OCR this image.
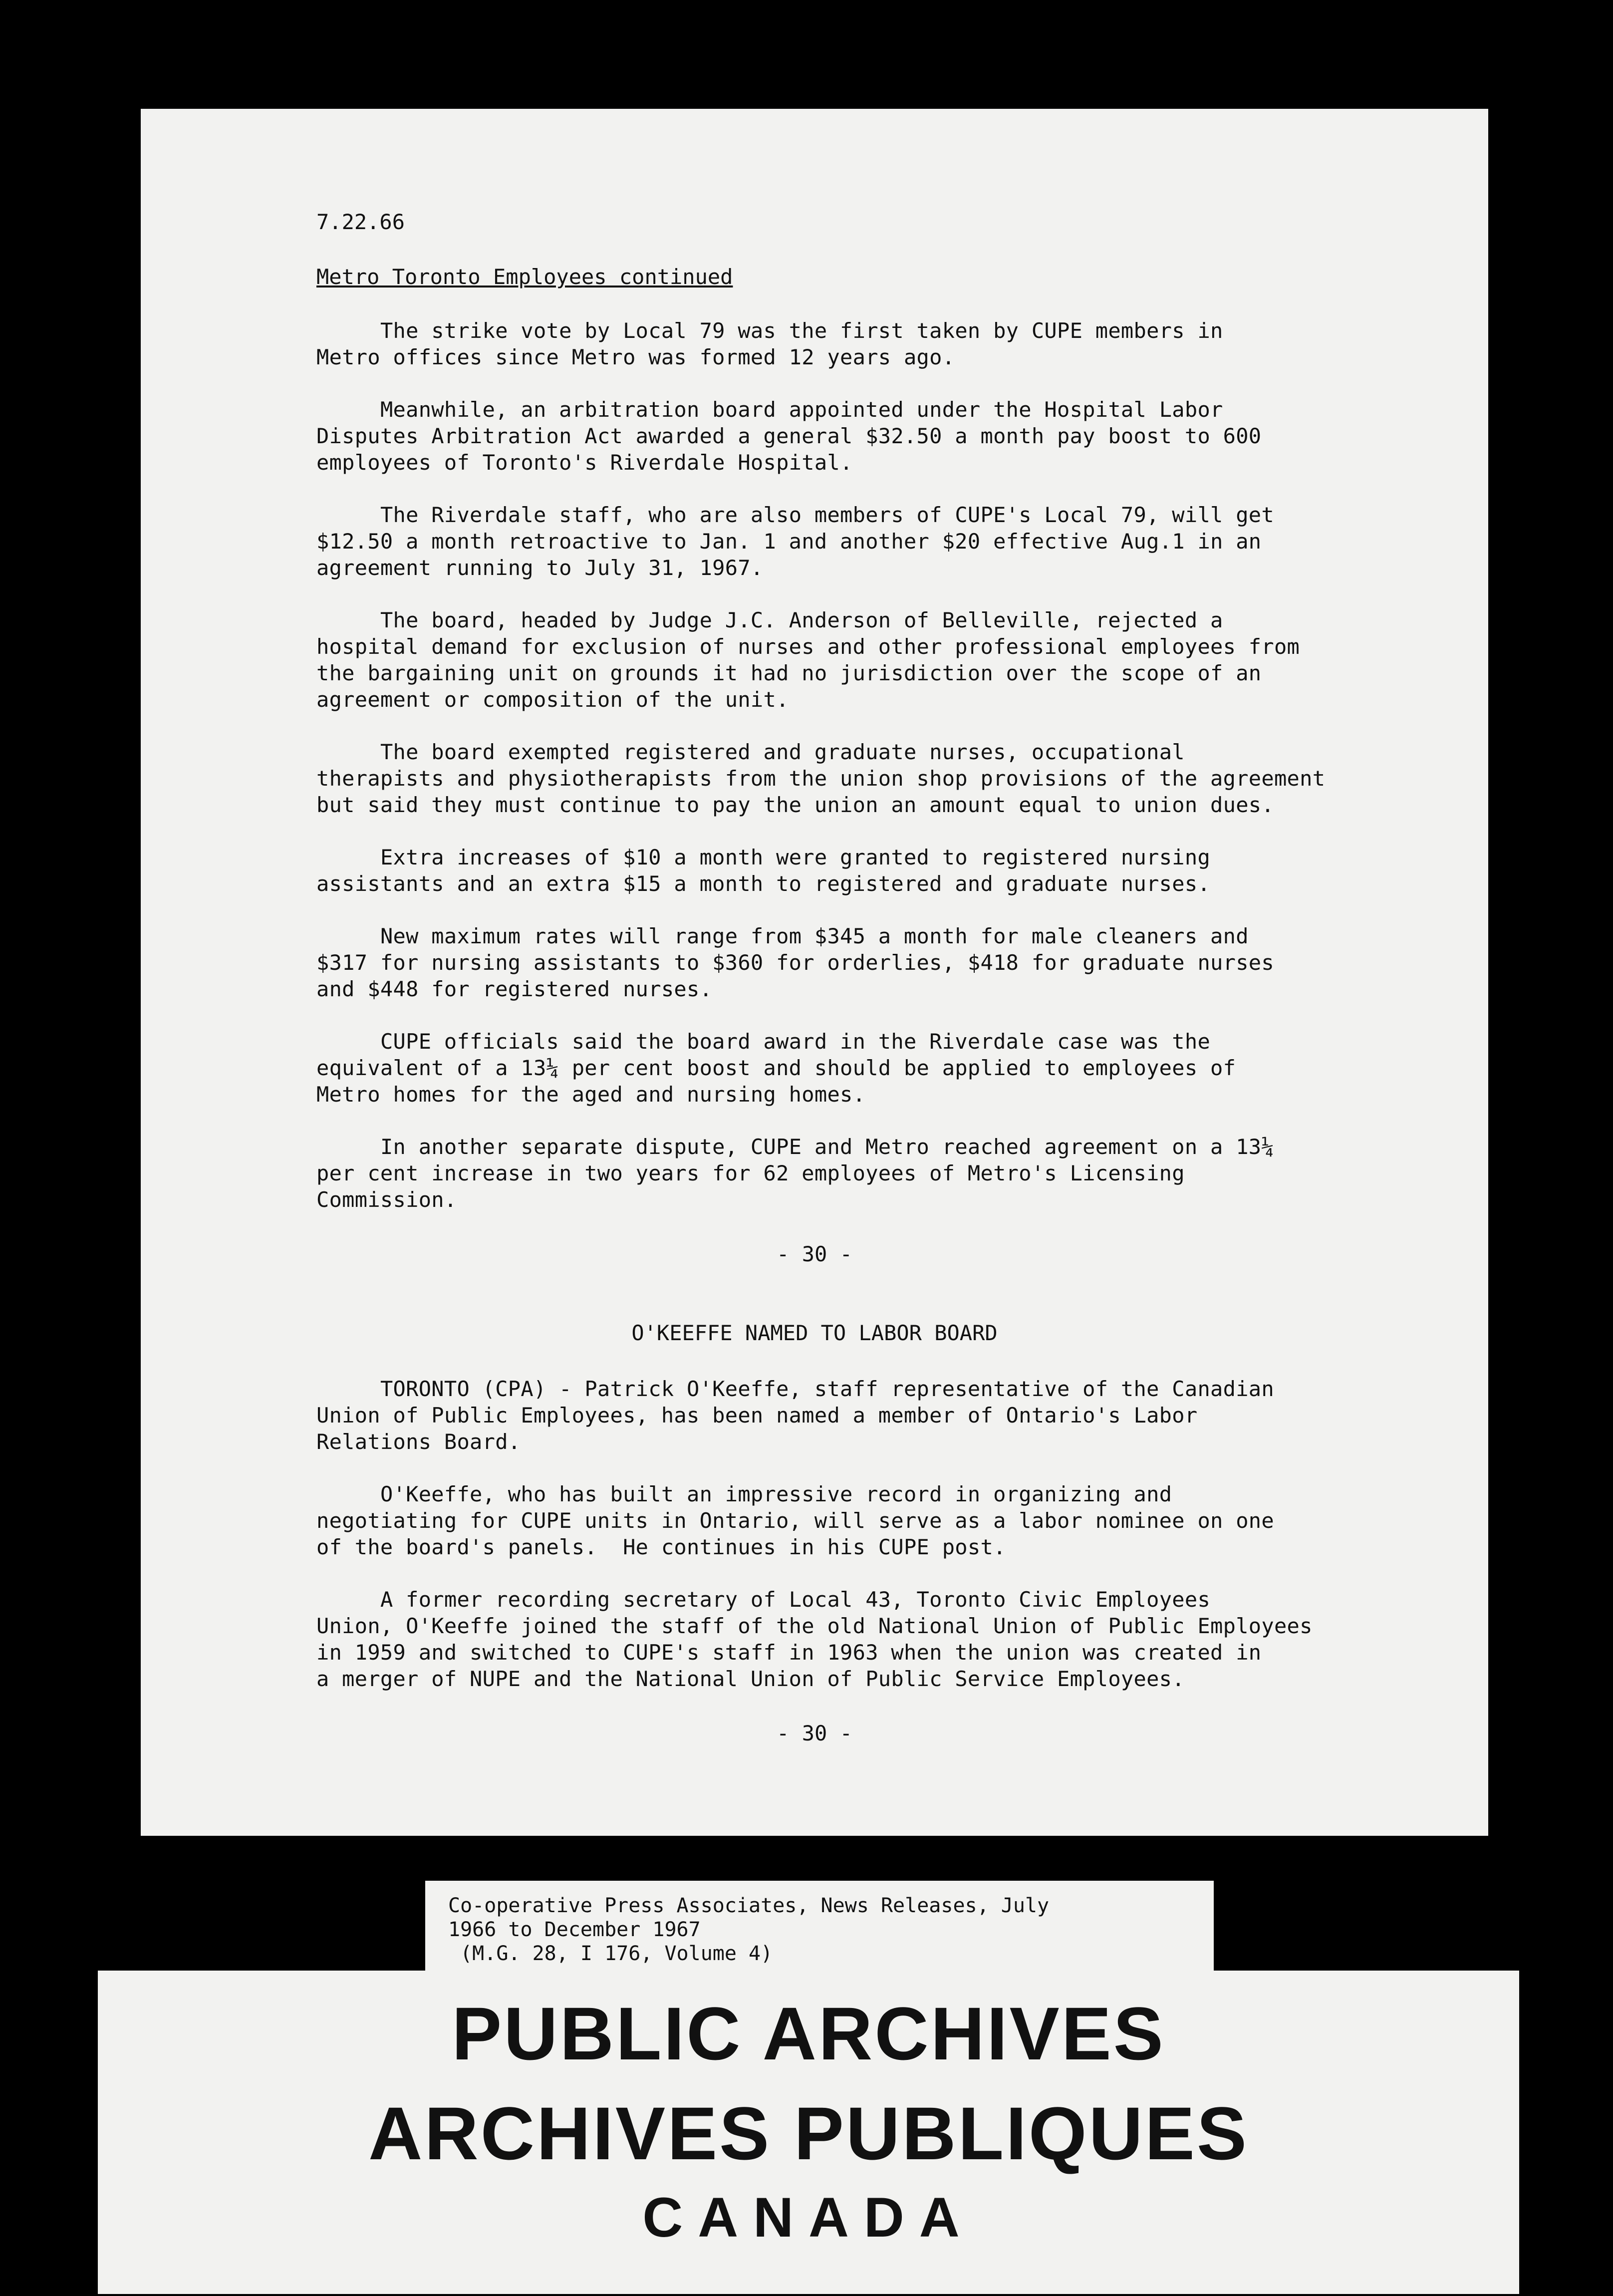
7.22.66
Metro Toronto Employees continued

The strike vote by Local 79 was the first taken by CUPE members in
Metro offices since Metro was formed 12 years ago.

Meanwhile, an arbitration board appointed under the Hospital Labor
Disputes Arbitration Act awarded a general $32.50 a month pay boost to 600
employees of Toronto's Riverdale Hospital.

The Riverdale staff, who are also members of CUPE's Local 79, will get
$12.50 a month retroactive to Jan. 1 and another $20 effective Aug.1 in an
agreement running to July 31, 1967.

The board, headed by Judge J.C. Anderson of Belleville, rejected a
hospital demand for exclusion of nurses and other professional employees from
the bargaining unit on grounds it had no jurisdiction over the scope of an
agreement or composition of the unit.

The board exempted registered and graduate nurses, occupational
therapists and physiotherapists from the union shop provisions of the agreement
but said they must continue to pay the union an amount equal to union dues.

Extra increases of $10 a month were granted to registered nursing
assistants and an extra $15 a month to registered and graduate nurses.

New maximum rates will range from $345 a month for male cleaners and
$317 for nursing assistants to $360 for orderlies, $418 for graduate nurses
and $448 for registered nurses.

CUPE officials said the board award in the Riverdale case was the
equivalent of a 13¼ per cent boost and should be applied to employees of
Metro homes for the aged and nursing homes.

In another separate dispute, CUPE and Metro reached agreement on a 13¼
per cent increase in two years for 62 employees of Metro's Licensing
Commission.

- 30 -
O'KEEFFE NAMED TO LABOR BOARD

TORONTO (CPA) - Patrick O'Keeffe, staff representative of the Canadian
Union of Public Employees, has been named a member of Ontario's Labor
Relations Board.

O'Keeffe, who has built an impressive record in organizing and
negotiating for CUPE units in Ontario, will serve as a labor nominee on one
of the board's panels.  He continues in his CUPE post.

A former recording secretary of Local 43, Toronto Civic Employees
Union, O'Keeffe joined the staff of the old National Union of Public Employees
in 1959 and switched to CUPE's staff in 1963 when the union was created in
a merger of NUPE and the National Union of Public Service Employees.

- 30 -
Co-operative Press Associates, News Releases, July
1966 to December 1967
(M.G. 28, I 176, Volume 4)
PUBLIC ARCHIVES
ARCHIVES PUBLIQUES
CANADA
